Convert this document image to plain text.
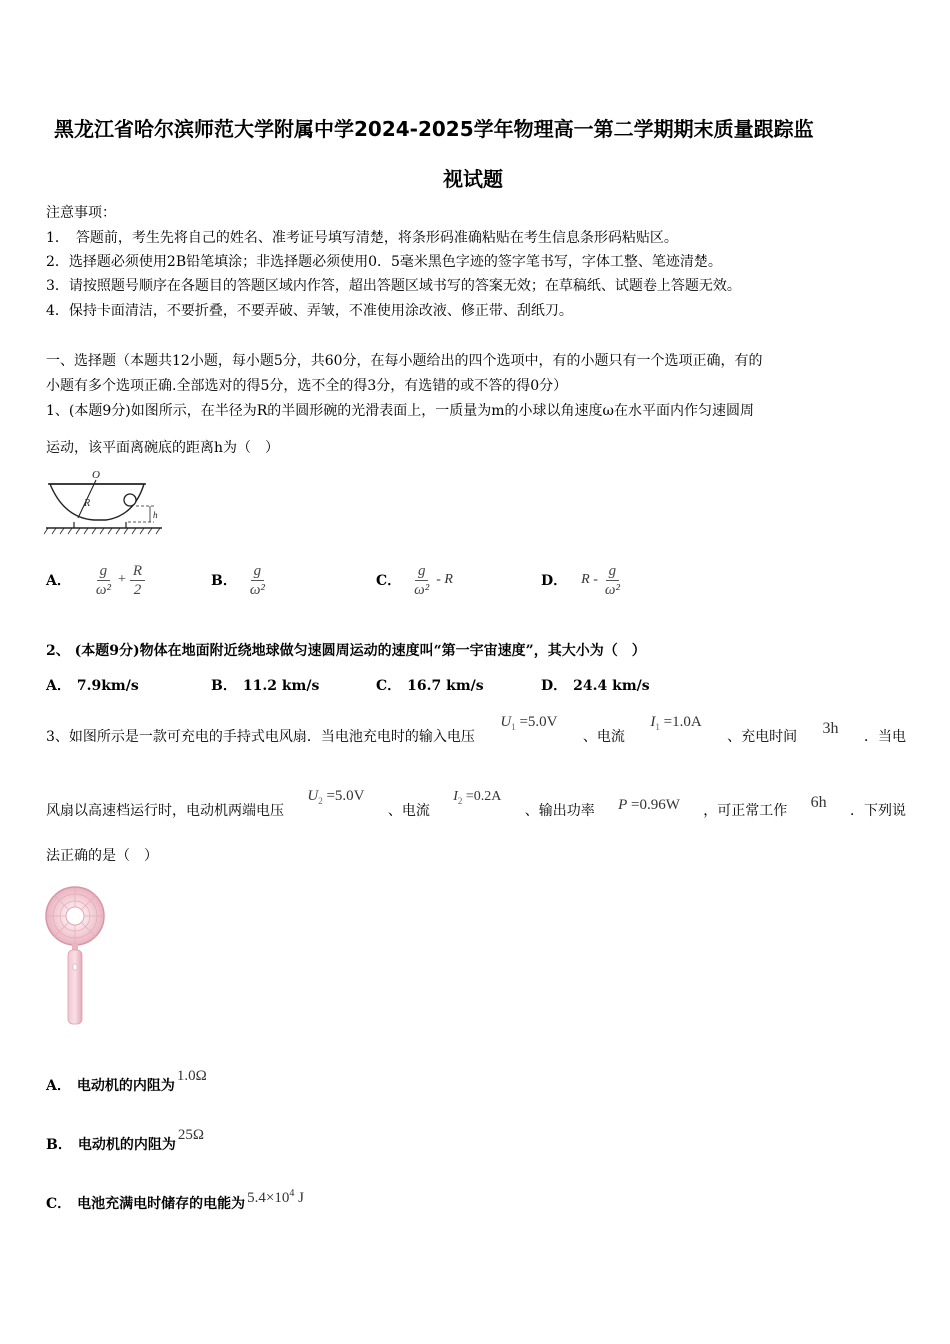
黑龙江省哈尔滨师范大学附属中学2024-2025学年物理高一第二学期期末质量跟踪监
视试题
注意事项：
1．　答题前，考生先将自己的姓名、准考证号填写清楚，将条形码准确粘贴在考生信息条形码粘贴区。
2．选择题必须使用2B铅笔填涂；非选择题必须使用0．5毫米黑色字迹的签字笔书写，字体工整、笔迹清楚。
3．请按照题号顺序在各题目的答题区域内作答，超出答题区域书写的答案无效；在草稿纸、试题卷上答题无效。
4．保持卡面清洁，不要折叠，不要弄破、弄皱，不准使用涂改液、修正带、刮纸刀。
一、选择题（本题共12小题，每小题5分，共60分，在每小题给出的四个选项中，有的小题只有一个选项正确，有的
小题有多个选项正确.全部选对的得5分，选不全的得3分，有选错的或不答的得0分）
1、(本题9分)如图所示，在半径为R的半圆形碗的光滑表面上，一质量为m的小球以角速度ω在水平面内作匀速圆周
运动，该平面离碗底的距离h为（　）
O
R
h
A． $\frac{g}{\text{ω²}} + \frac{R}{2}$	B． $\frac{g}{\text{ω²}}$	C． $\frac{g}{\text{ω²}}$ - R	D． R - $\frac{g}{\text{ω²}}$
2、 (本题9分)物体在地面附近绕地球做匀速圆周运动的速度叫“第一宇宙速度”，其大小为（　）
A． 7.9km/s	B． 11.2 km/s	C． 16.7 km/s	D． 24.4 km/s
3、如图所示是一款可充电的手持式电风扇．当电池充电时的输入电压
$U_1 =5.0V$
、电流
$I_1 =1.0A$
、充电时间 3h ．当电
风扇以高速档运行时，电动机两端电压
$U_2 =5.0V$
、电流
$I_2 =0.2A$
、输出功率 P =0.96W ，可正常工作 6h ．下列说
法正确的是（　）
A． 电动机的内阻为
1.0Ω
B． 电动机的内阻为
25Ω
C． 电池充满电时储存的电能为 $5.4\times 10^4$ J
